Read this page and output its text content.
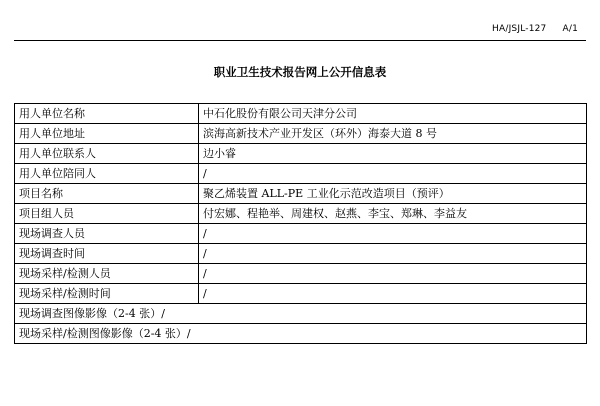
HA/JSJL-127 A/1
职业卫生技术报告网上公开信息表
用人单位名称	中石化股份有限公司天津分公司
用人单位地址	滨海高新技术产业开发区（环外）海泰大道 8 号
用人单位联系人	边小睿
用人单位陪同人	/
项目名称	聚乙烯装置 ALL-PE 工业化示范改造项目（预评）
项目组人员	付宏娜、程艳举、周建权、赵燕、李宝、郑琳、李益友
现场调查人员	/
现场调查时间	/
现场采样/检测人员	/
现场采样/检测时间	/
现场调查图像影像（2-4 张）/	
现场采样/检测图像影像（2-4 张）/	
